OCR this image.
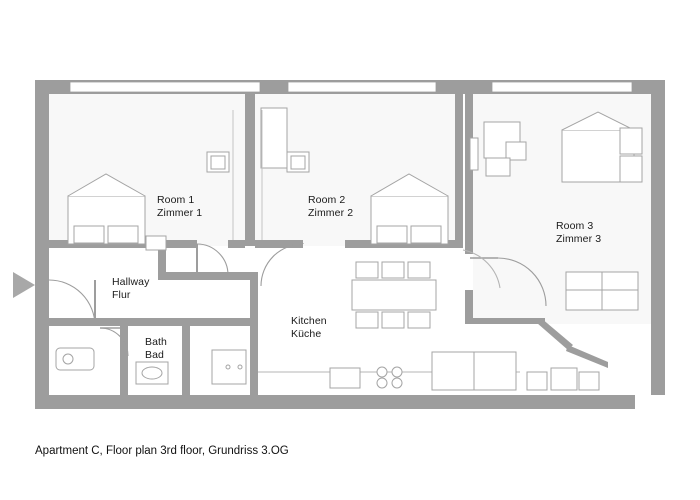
Room 1
Zimmer 1
Room 2
Zimmer 2
Room 3
Zimmer 3
Hallway
Flur
Bath
Bad
Kitchen
Küche
Apartment C, Floor plan 3rd floor, Grundriss 3.OG
